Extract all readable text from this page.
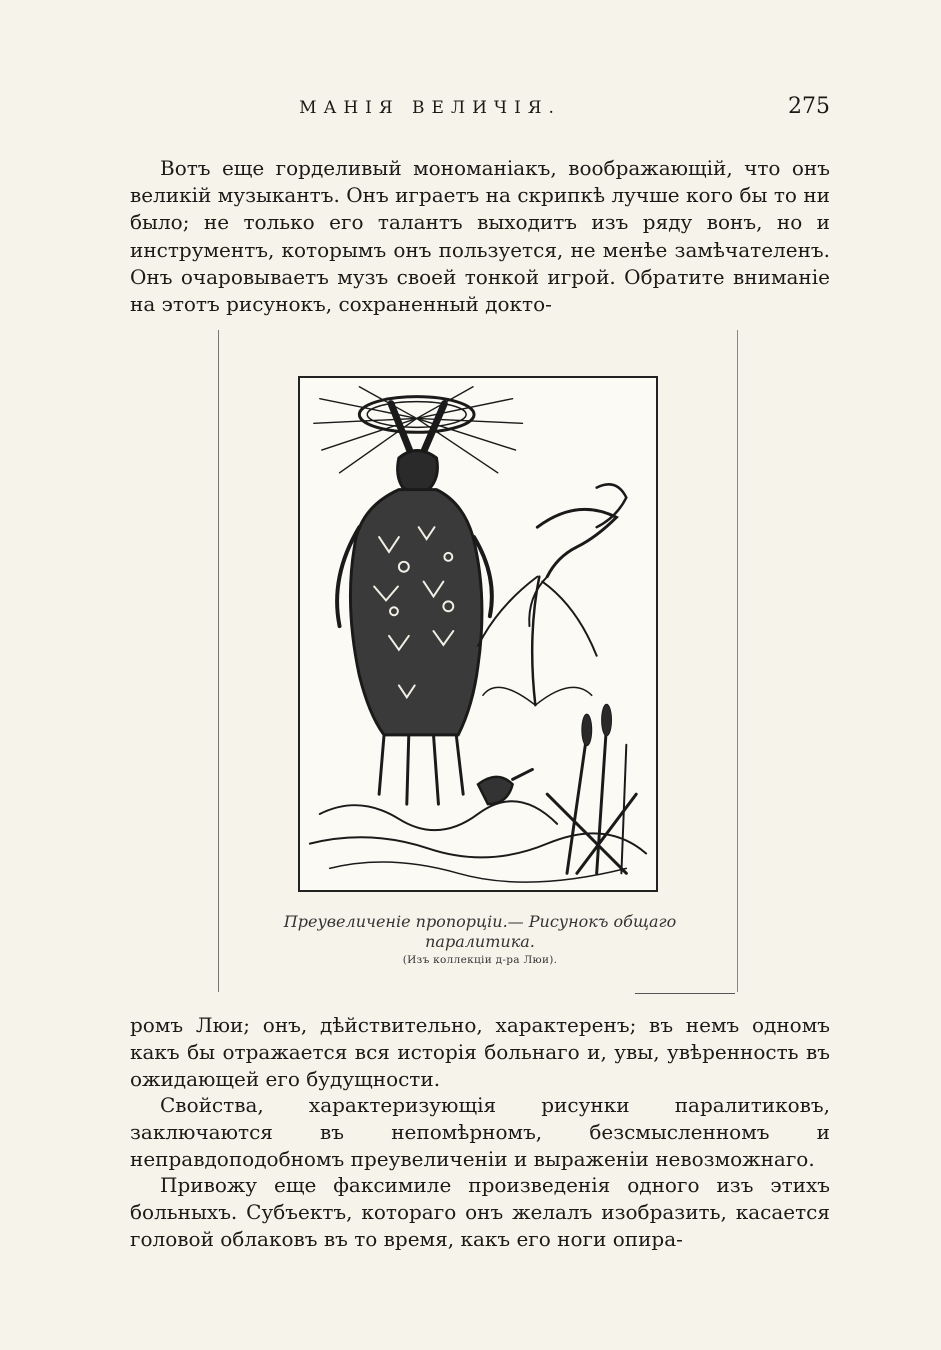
МАНІЯ ВЕЛИЧІЯ.	275

Вотъ еще горделивый мономаніакъ, воображающій, что онъ великій музыкантъ. Онъ играетъ на скрипкѣ лучше кого бы то ни было; не только его талантъ выходитъ изъ ряду вонъ, но и инструментъ, которымъ онъ пользуется, не менѣе замѣчателенъ. Онъ очаровываетъ музъ своей тонкой игрой. Обратите вниманіе на этотъ рисунокъ, сохраненный докто-

Преувеличеніе пропорціи.— Рисунокъ общаго
паралитика.
(Изъ коллекціи д-ра Люи).

ромъ Люи; онъ, дѣйствительно, характеренъ; въ немъ одномъ какъ бы отражается вся исторія больнаго и, увы, увѣренность въ ожидающей его будущности.

Свойства, характеризующія рисунки паралитиковъ, заключаются въ непомѣрномъ, безсмысленномъ и неправдоподобномъ преувеличеніи и выраженіи невозможнаго.

Привожу еще факсимиле произведенія одного изъ этихъ больныхъ. Субъектъ, котораго онъ желалъ изобразить, касается головой облаковъ въ то время, какъ его ноги опира-
